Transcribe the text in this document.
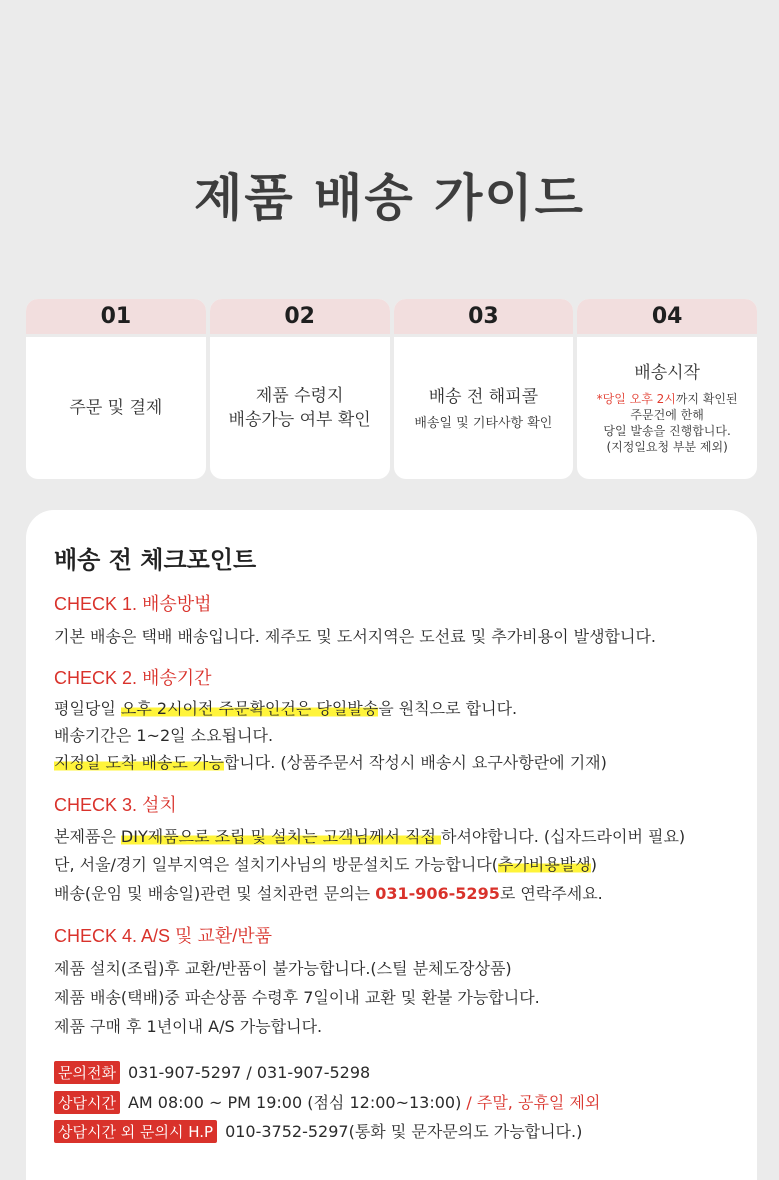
제품 배송 가이드
01
주문 및 결제
02
제품 수령지
배송가능 여부 확인
03
배송 전 해피콜
배송일 및 기타사항 확인
04
배송시작
*당일 오후 2시까지 확인된
주문건에 한해
당일 발송을 진행합니다.
(지정일요청 부분 제외)
배송 전 체크포인트
CHECK 1. 배송방법
기본 배송은 택배 배송입니다. 제주도 및 도서지역은 도선료 및 추가비용이 발생합니다.
CHECK 2. 배송기간
평일당일 오후 2시이전 주문확인건은 당일발송을 원칙으로 합니다.
배송기간은 1~2일 소요됩니다.
지정일 도착 배송도 가능합니다. (상품주문서 작성시 배송시 요구사항란에 기재)
CHECK 3. 설치
본제품은 DIY제품으로 조립 및 설치는 고객님께서 직접 하셔야합니다. (십자드라이버 필요)
단, 서울/경기 일부지역은 설치기사님의 방문설치도 가능합니다(추가비용발생)
배송(운임 및 배송일)관련 및 설치관련 문의는 031-906-5295로 연락주세요.
CHECK 4. A/S 및 교환/반품
제품 설치(조립)후 교환/반품이 불가능합니다.(스틸 분체도장상품)
제품 배송(택배)중 파손상품 수령후 7일이내 교환 및 환불 가능합니다.
제품 구매 후 1년이내 A/S 가능합니다.
문의전화 031-907-5297 / 031-907-5298
상담시간 AM 08:00 ~ PM 19:00 (점심 12:00~13:00) / 주말, 공휴일 제외
상담시간 외 문의시 H.P 010-3752-5297(통화 및 문자문의도 가능합니다.)
